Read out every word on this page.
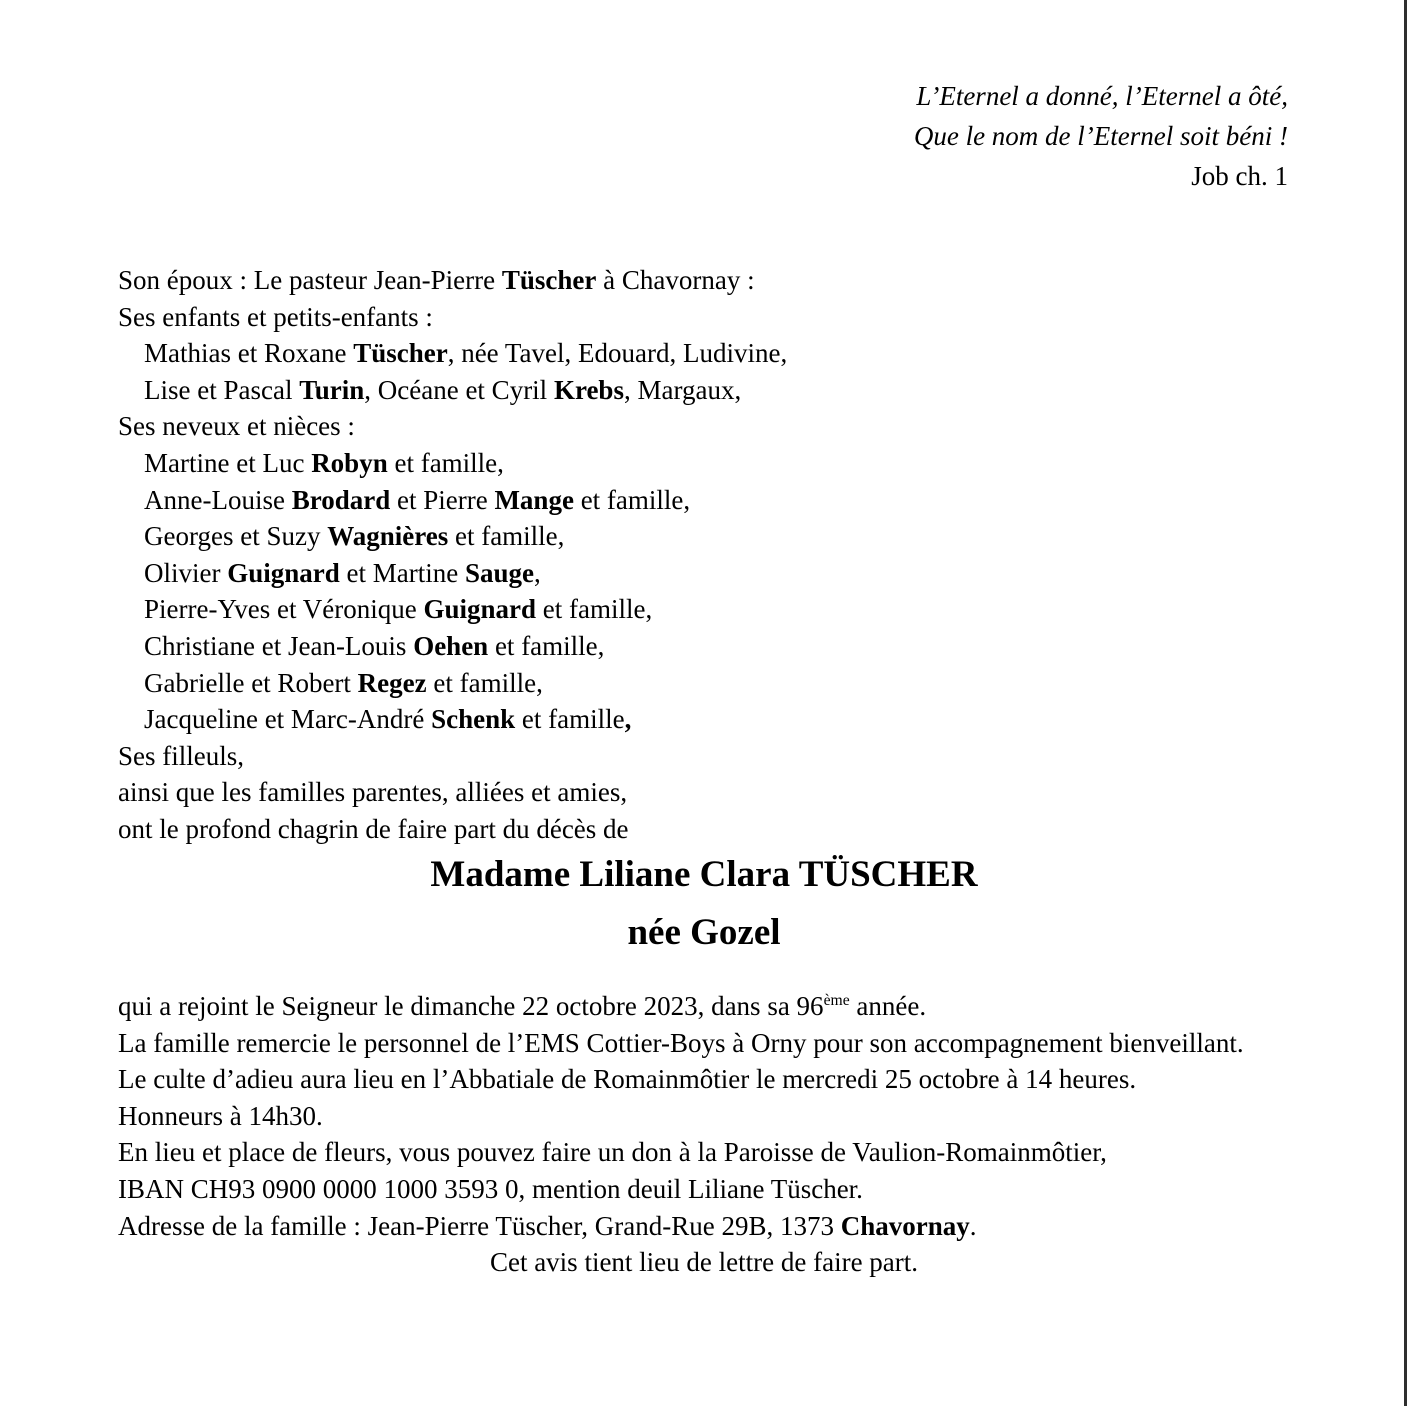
L’Eternel a donné, l’Eternel a ôté,
Que le nom de l’Eternel soit béni !
Job ch. 1
Son époux : Le pasteur Jean-Pierre Tüscher à Chavornay :
Ses enfants et petits-enfants :
Mathias et Roxane Tüscher, née Tavel, Edouard, Ludivine,
Lise et Pascal Turin, Océane et Cyril Krebs, Margaux,
Ses neveux et nièces :
Martine et Luc Robyn et famille,
Anne-Louise Brodard et Pierre Mange et famille,
Georges et Suzy Wagnières et famille,
Olivier Guignard et Martine Sauge,
Pierre-Yves et Véronique Guignard et famille,
Christiane et Jean-Louis Oehen et famille,
Gabrielle et Robert Regez et famille,
Jacqueline et Marc-André Schenk et famille,
Ses filleuls,
ainsi que les familles parentes, alliées et amies,
ont le profond chagrin de faire part du décès de
Madame Liliane Clara TÜSCHER
née Gozel
qui a rejoint le Seigneur le dimanche 22 octobre 2023, dans sa 96ème année.
La famille remercie le personnel de l’EMS Cottier-Boys à Orny pour son accompagnement bienveillant.
Le culte d’adieu aura lieu en l’Abbatiale de Romainmôtier le mercredi 25 octobre à 14 heures.
Honneurs à 14h30.
En lieu et place de fleurs, vous pouvez faire un don à la Paroisse de Vaulion-Romainmôtier,
IBAN CH93 0900 0000 1000 3593 0, mention deuil Liliane Tüscher.
Adresse de la famille : Jean-Pierre Tüscher, Grand-Rue 29B, 1373 Chavornay.
Cet avis tient lieu de lettre de faire part.
